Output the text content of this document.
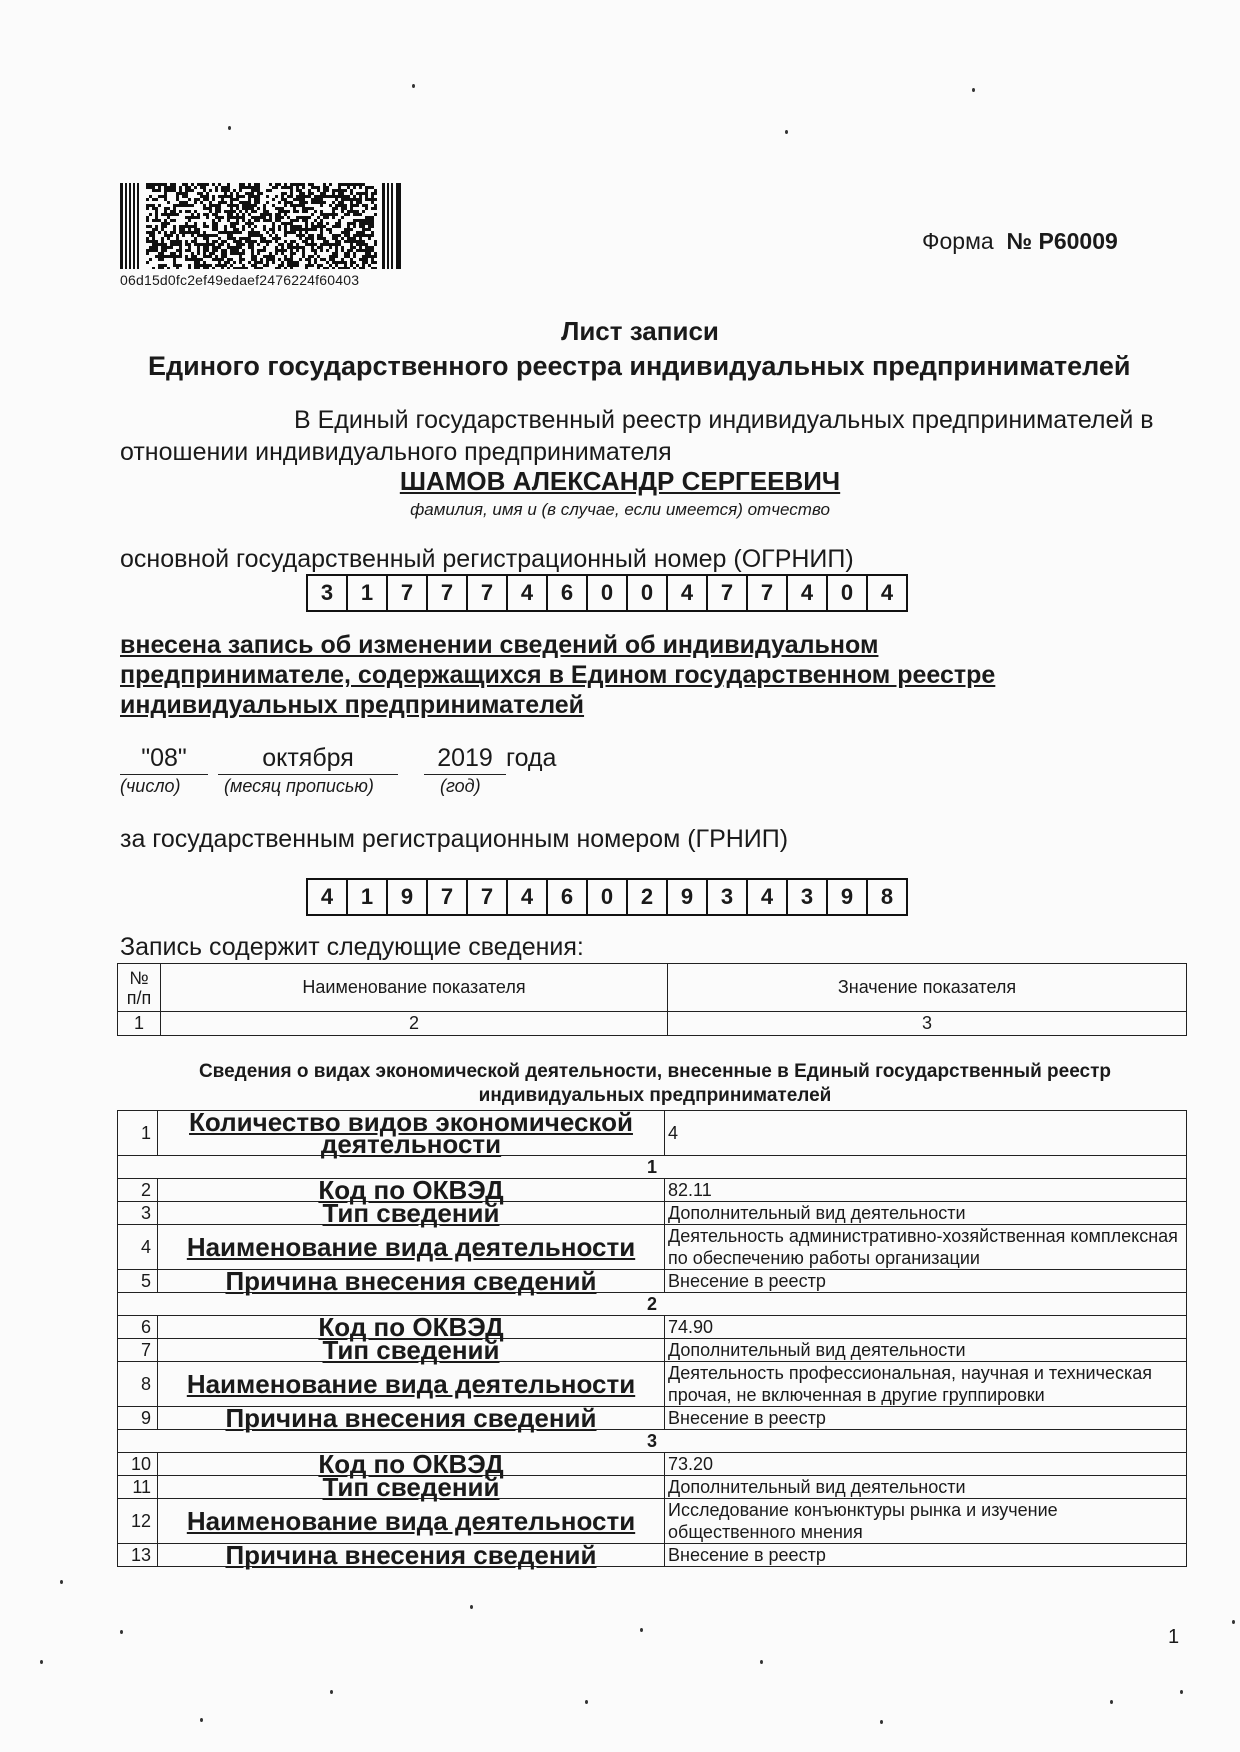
06d15d0fc2ef49edaef2476224f60403
Форма № Р60009
Лист записи
Единого государственного реестра индивидуальных предпринимателей
В Единый государственный реестр индивидуальных предпринимателей в
отношении индивидуального предпринимателя
ШАМОВ АЛЕКСАНДР СЕРГЕЕВИЧ
фамилия, имя и (в случае, если имеется) отчество
основной государственный регистрационный номер (ОГРНИП)
3	1	7	7	7	4	6	0	0	4	7	7	4	0	4
внесена запись об изменении сведений об индивидуальном предпринимателе, содержащихся в Едином государственном реестре индивидуальных предпринимателей
"08"	октября	2019 года
(число) (месяц прописью)	(год)
за государственным регистрационным номером (ГРНИП)
4	1	9	7	7	4	6	0	2	9	3	4	3	9	8
Запись содержит следующие сведения:
№ п/п	Наименование показателя	Значение показателя
1	2	3
Сведения о видах экономической деятельности, внесенные в Единый государственный реестр индивидуальных предпринимателей
1	Количество видов экономической деятельности	4
1		
2	Код по ОКВЭД	82.11
3	Тип сведений	Дополнительный вид деятельности
4	Наименование вида деятельности	Деятельность административно-хозяйственная комплексная по обеспечению работы организации
5	Причина внесения сведений	Внесение в реестр
2		
6	Код по ОКВЭД	74.90
7	Тип сведений	Дополнительный вид деятельности
8	Наименование вида деятельности	Деятельность профессиональная, научная и техническая прочая, не включенная в другие группировки
9	Причина внесения сведений	Внесение в реестр
3		
10	Код по ОКВЭД	73.20
11	Тип сведений	Дополнительный вид деятельности
12	Наименование вида деятельности	Исследование конъюнктуры рынка и изучение общественного мнения
13	Причина внесения сведений	Внесение в реестр
1
